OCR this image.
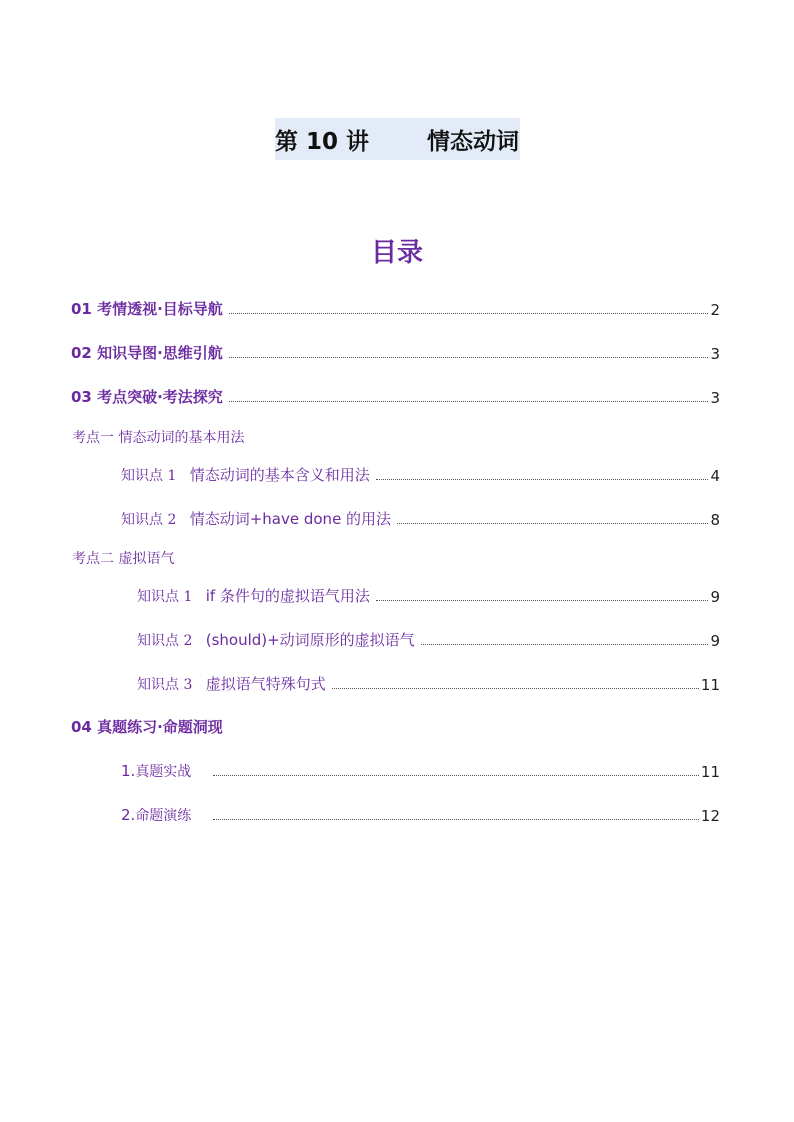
第 10 讲	情态动词
目录
01 考情透视·目标导航	2
02 知识导图·思维引航	3
03 考点突破·考法探究	3
考点一 情态动词的基本用法
知识点 1 情态动词的基本含义和用法	4
知识点 2 情态动词+have done 的用法	8
考点二 虚拟语气
知识点 1 if 条件句的虚拟语气用法	9
知识点 2 (should)+动词原形的虚拟语气	9
知识点 3 虚拟语气特殊句式	11
04 真题练习·命题洞现
1.真题实战	11
2.命题演练	12
